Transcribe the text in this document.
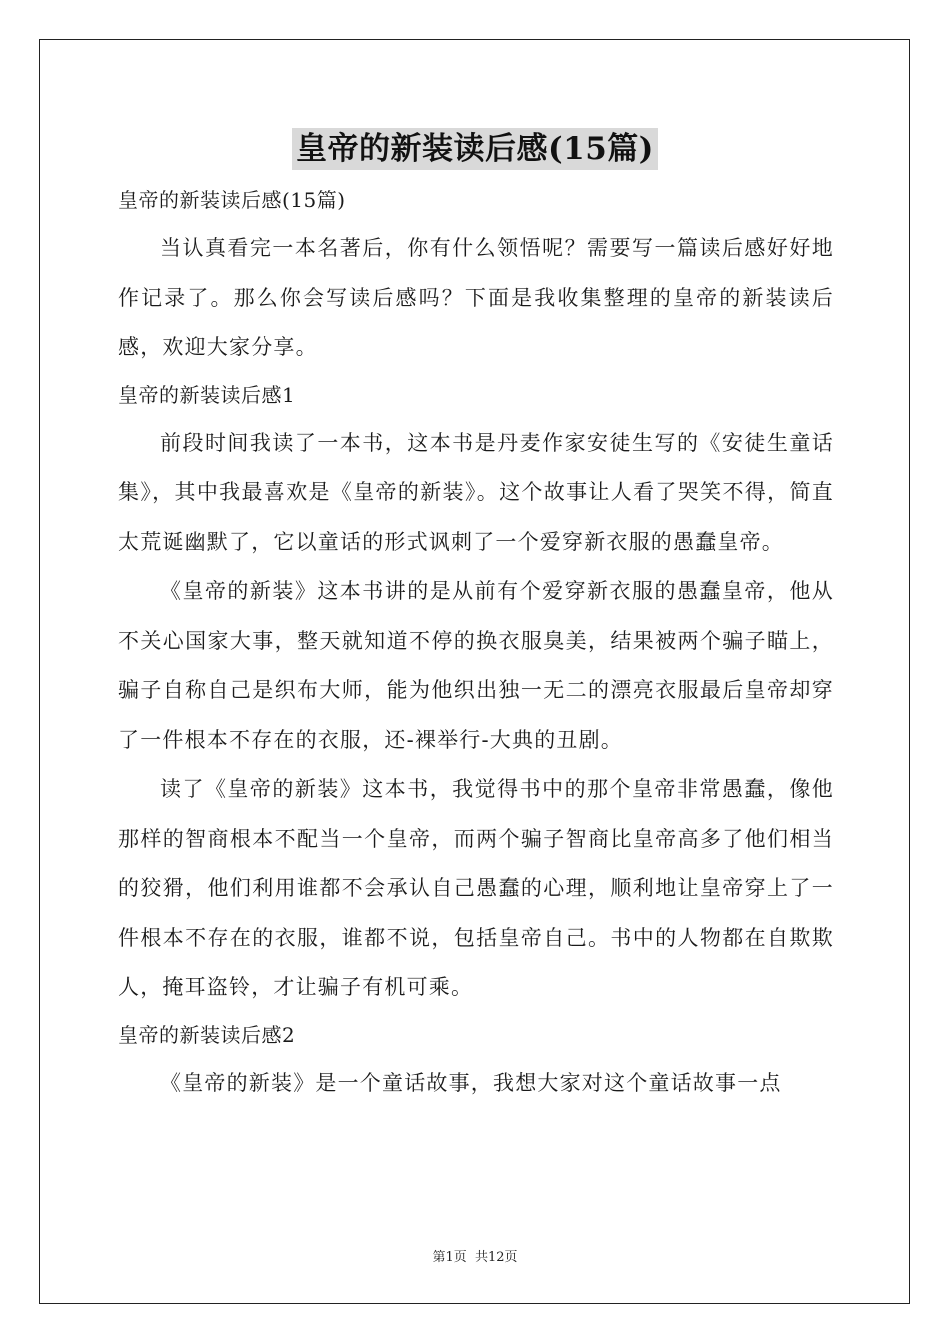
皇帝的新装读后感(15篇)

皇帝的新装读后感(15篇)

当认真看完一本名著后，你有什么领悟呢？需要写一篇读后感好好地作记录了。那么你会写读后感吗？下面是我收集整理的皇帝的新装读后感，欢迎大家分享。

皇帝的新装读后感1

前段时间我读了一本书，这本书是丹麦作家安徒生写的《安徒生童话集》，其中我最喜欢是《皇帝的新装》。这个故事让人看了哭笑不得，简直太荒诞幽默了，它以童话的形式讽刺了一个爱穿新衣服的愚蠢皇帝。

《皇帝的新装》这本书讲的是从前有个爱穿新衣服的愚蠢皇帝，他从不关心国家大事，整天就知道不停的换衣服臭美，结果被两个骗子瞄上，骗子自称自己是织布大师，能为他织出独一无二的漂亮衣服最后皇帝却穿了一件根本不存在的衣服，还-裸举行-大典的丑剧。

读了《皇帝的新装》这本书，我觉得书中的那个皇帝非常愚蠢，像他那样的智商根本不配当一个皇帝，而两个骗子智商比皇帝高多了他们相当的狡猾，他们利用谁都不会承认自己愚蠢的心理，顺利地让皇帝穿上了一件根本不存在的衣服，谁都不说，包括皇帝自己。书中的人物都在自欺欺人，掩耳盗铃，才让骗子有机可乘。

皇帝的新装读后感2

《皇帝的新装》是一个童话故事，我想大家对这个童话故事一点

第1页 共12页
